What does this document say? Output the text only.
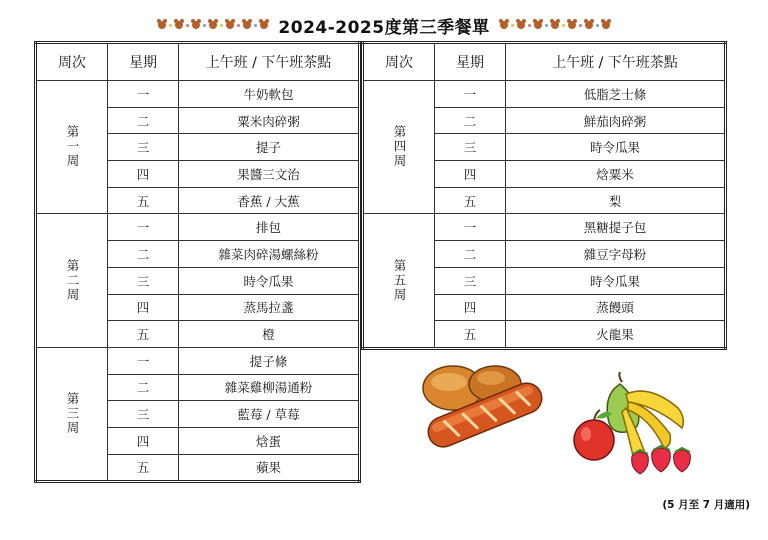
2024-2025度第三季餐單
周次	星期	上午班 / 下午班茶點
第一周	一	牛奶軟包
	二	粟米肉碎粥
	三	提子
	四	果醬三文治
	五	香蕉 / 大蕉
第二周	一	排包
	二	雜菜肉碎湯螺絲粉
	三	時令瓜果
	四	蒸馬拉盞
	五	橙
第三周	一	提子條
	二	雜菜雞柳湯通粉
	三	藍莓 / 草莓
	四	焓蛋
	五	蘋果
周次	星期	上午班 / 下午班茶點
第四周	一	低脂芝士條
	二	鮮茄肉碎粥
	三	時令瓜果
	四	焓粟米
	五	梨
第五周	一	黑糖提子包
	二	雜豆字母粉
	三	時令瓜果
	四	蒸饅頭
	五	火龍果
(5 月至 7 月適用)
